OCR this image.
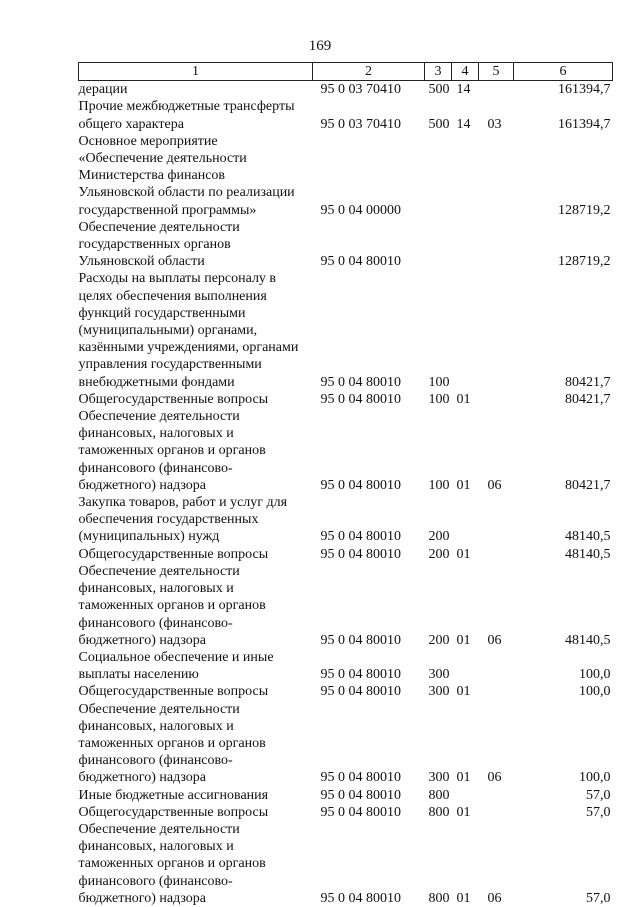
169
1	2	3	4	5	6
дерации	95 0 03 70410	500	14		161394,7
Прочие межбюджетные трансферты общего характера	95 0 03 70410	500	14	03	161394,7
Основное мероприятие «Обеспечение деятельности Министерства финансов Ульяновской области по реализации государственной программы»	95 0 04 00000				128719,2
Обеспечение деятельности государственных органов Ульяновской области	95 0 04 80010				128719,2
Расходы на выплаты персоналу в целях обеспечения выполнения функций государственными (муниципальными) органами, казёнными учреждениями, органами управления государственными внебюджетными фондами	95 0 04 80010	100			80421,7
Общегосударственные вопросы	95 0 04 80010	100	01		80421,7
Обеспечение деятельности финансовых, налоговых и таможенных органов и органов финансового (финансово-бюджетного) надзора	95 0 04 80010	100	01	06	80421,7
Закупка товаров, работ и услуг для обеспечения государственных (муниципальных) нужд	95 0 04 80010	200			48140,5
Общегосударственные вопросы	95 0 04 80010	200	01		48140,5
Обеспечение деятельности финансовых, налоговых и таможенных органов и органов финансового (финансово-бюджетного) надзора	95 0 04 80010	200	01	06	48140,5
Социальное обеспечение и иные выплаты населению	95 0 04 80010	300			100,0
Общегосударственные вопросы	95 0 04 80010	300	01		100,0
Обеспечение деятельности финансовых, налоговых и таможенных органов и органов финансового (финансово-бюджетного) надзора	95 0 04 80010	300	01	06	100,0
Иные бюджетные ассигнования	95 0 04 80010	800			57,0
Общегосударственные вопросы	95 0 04 80010	800	01		57,0
Обеспечение деятельности финансовых, налоговых и таможенных органов и органов финансового (финансово-бюджетного) надзора	95 0 04 80010	800	01	06	57,0
